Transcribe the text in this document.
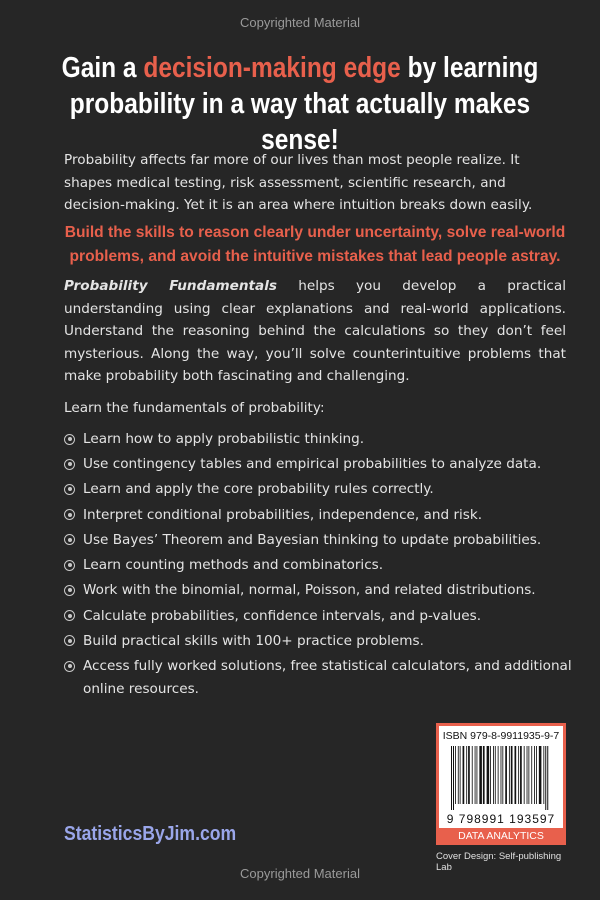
Copyrighted Material
Gain a decision-making edge by learning probability in a way that actually makes sense!
Probability affects far more of our lives than most people realize. It shapes medical testing, risk assessment, scientific research, and decision-making. Yet it is an area where intuition breaks down easily.
Build the skills to reason clearly under uncertainty, solve real-world problems, and avoid the intuitive mistakes that lead people astray.
Probability Fundamentals helps you develop a practical understanding using clear explanations and real-world applications. Understand the reasoning behind the calculations so they don’t feel mysterious. Along the way, you’ll solve counterintuitive problems that make probability both fascinating and challenging.
Learn the fundamentals of probability:
Learn how to apply probabilistic thinking.
Use contingency tables and empirical probabilities to analyze data.
Learn and apply the core probability rules correctly.
Interpret conditional probabilities, independence, and risk.
Use Bayes’ Theorem and Bayesian thinking to update probabilities.
Learn counting methods and combinatorics.
Work with the binomial, normal, Poisson, and related distributions.
Calculate probabilities, confidence intervals, and p-values.
Build practical skills with 100+ practice problems.
Access fully worked solutions, free statistical calculators, and additional online resources.
StatisticsByJim.com
ISBN 979-8-9911935-9-7
9 798991 193597
DATA ANALYTICS
Cover Design: Self-publishing Lab
Copyrighted Material
